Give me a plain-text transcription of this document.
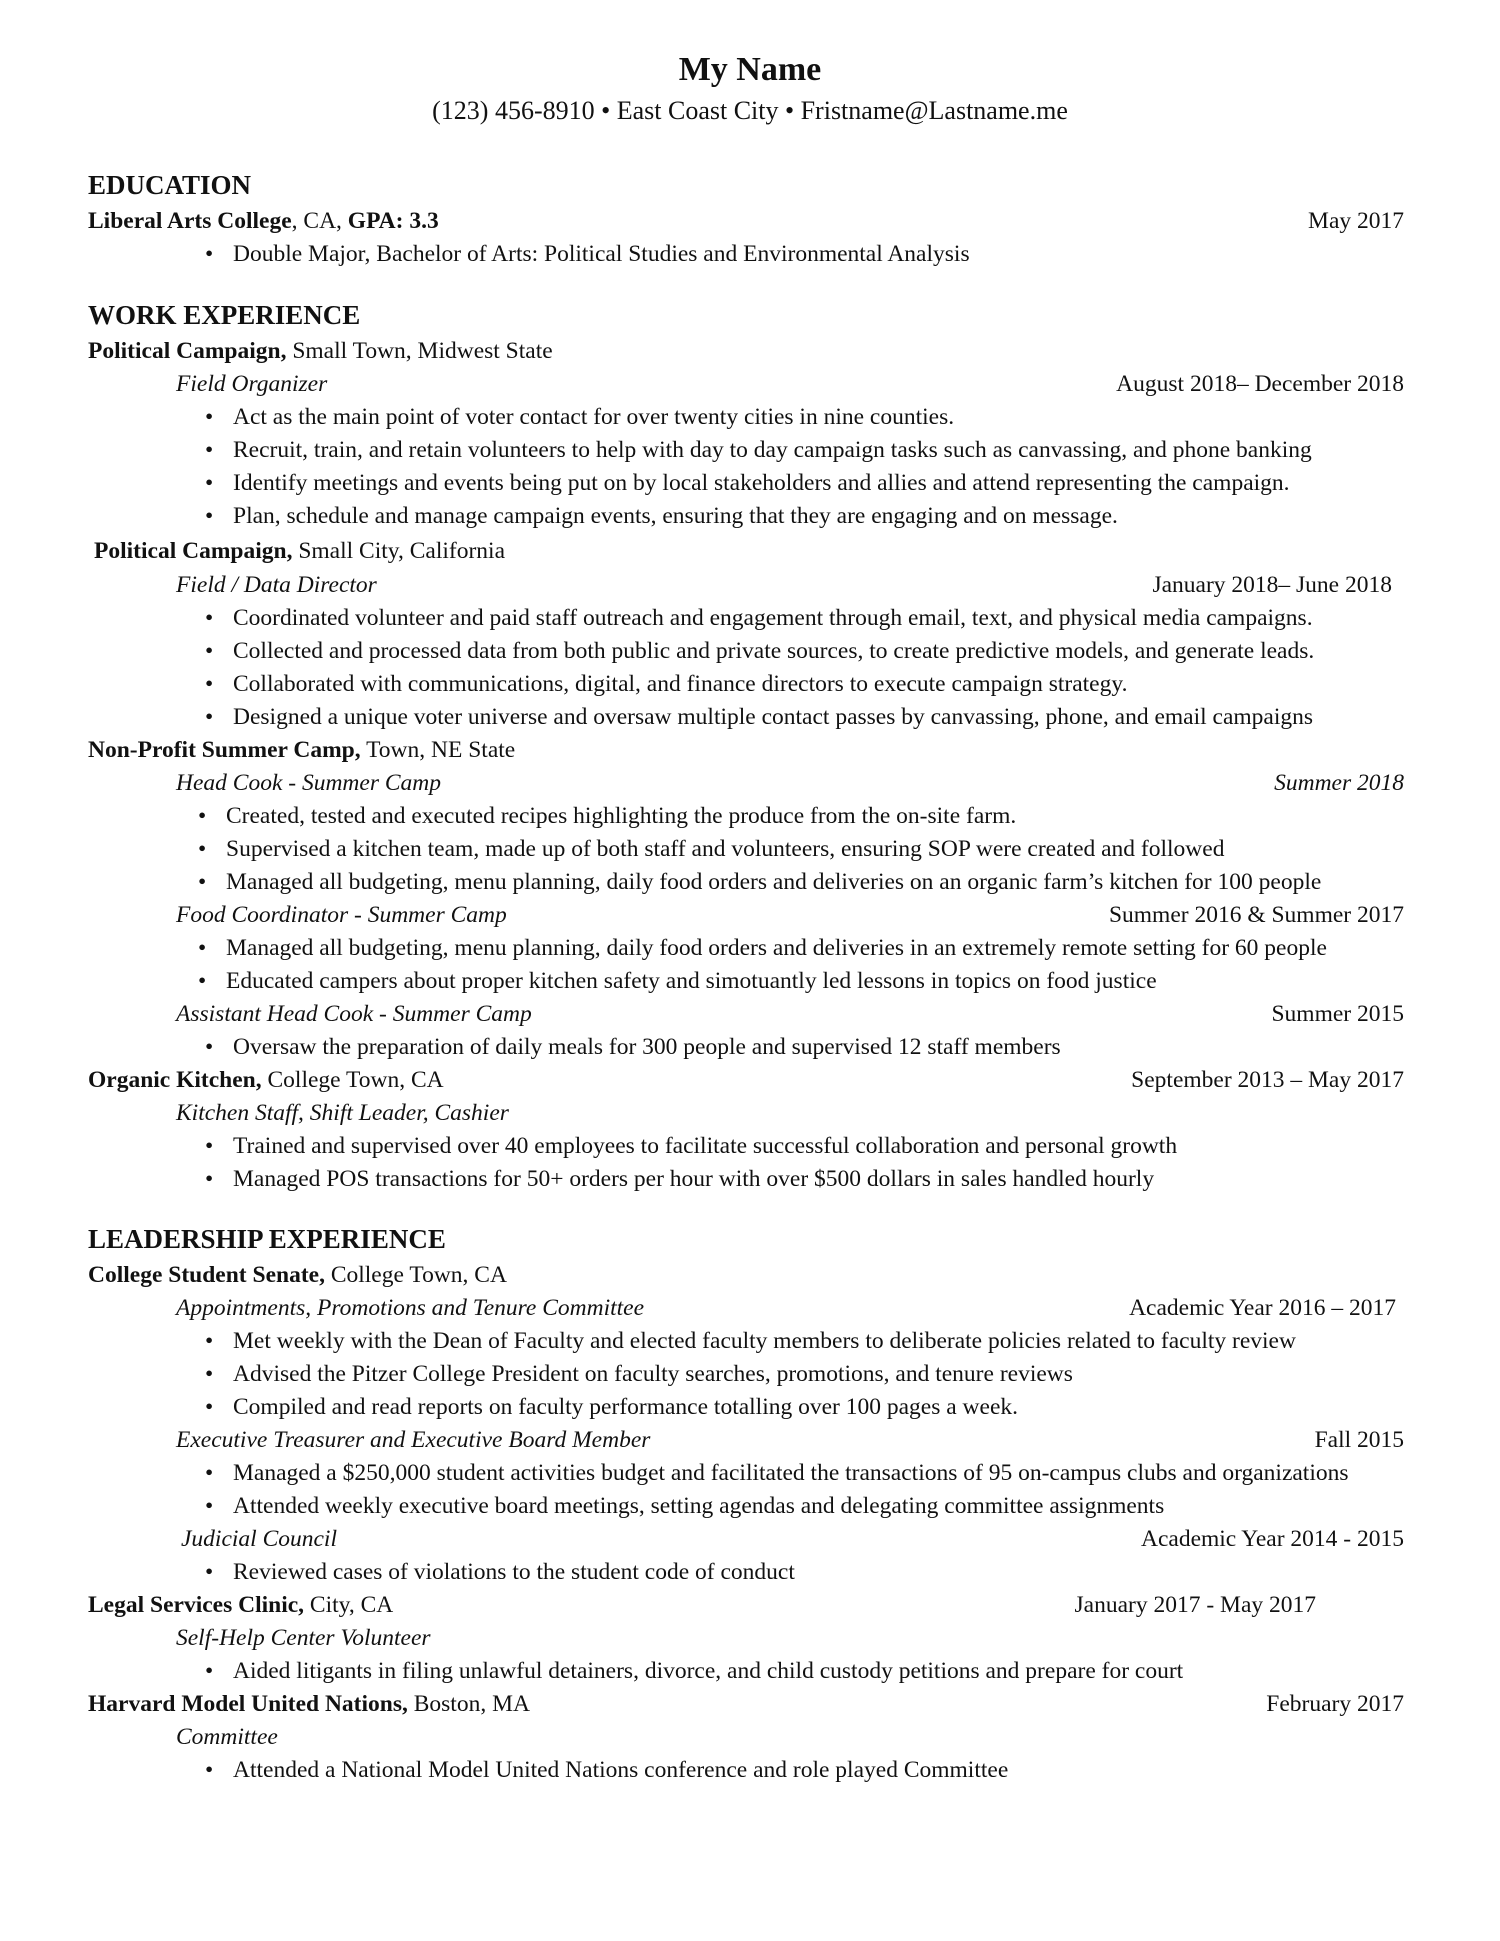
My Name
(123) 456-8910 • East Coast City • Fristname@Lastname.me
EDUCATION
Liberal Arts College, CA, GPA: 3.3	May 2017
• Double Major, Bachelor of Arts: Political Studies and Environmental Analysis
WORK EXPERIENCE
Political Campaign, Small Town, Midwest State
Field Organizer	August 2018– December 2018
• Act as the main point of voter contact for over twenty cities in nine counties.
• Recruit, train, and retain volunteers to help with day to day campaign tasks such as canvassing, and phone banking
• Identify meetings and events being put on by local stakeholders and allies and attend representing the campaign.
• Plan, schedule and manage campaign events, ensuring that they are engaging and on message.
Political Campaign, Small City, California
Field / Data Director	January 2018– June 2018
• Coordinated volunteer and paid staff outreach and engagement through email, text, and physical media campaigns.
• Collected and processed data from both public and private sources, to create predictive models, and generate leads.
• Collaborated with communications, digital, and finance directors to execute campaign strategy.
• Designed a unique voter universe and oversaw multiple contact passes by canvassing, phone, and email campaigns
Non-Profit Summer Camp, Town, NE State
Head Cook - Summer Camp	Summer 2018
• Created, tested and executed recipes highlighting the produce from the on-site farm.
• Supervised a kitchen team, made up of both staff and volunteers, ensuring SOP were created and followed
• Managed all budgeting, menu planning, daily food orders and deliveries on an organic farm’s kitchen for 100 people
Food Coordinator - Summer Camp	Summer 2016 & Summer 2017
• Managed all budgeting, menu planning, daily food orders and deliveries in an extremely remote setting for 60 people
• Educated campers about proper kitchen safety and simotuantly led lessons in topics on food justice
Assistant Head Cook - Summer Camp	Summer 2015
• Oversaw the preparation of daily meals for 300 people and supervised 12 staff members
Organic Kitchen, College Town, CA	September 2013 – May 2017
Kitchen Staff, Shift Leader, Cashier
• Trained and supervised over 40 employees to facilitate successful collaboration and personal growth
• Managed POS transactions for 50+ orders per hour with over $500 dollars in sales handled hourly
LEADERSHIP EXPERIENCE
College Student Senate, College Town, CA
Appointments, Promotions and Tenure Committee	Academic Year 2016 – 2017
• Met weekly with the Dean of Faculty and elected faculty members to deliberate policies related to faculty review
• Advised the Pitzer College President on faculty searches, promotions, and tenure reviews
• Compiled and read reports on faculty performance totalling over 100 pages a week.
Executive Treasurer and Executive Board Member	Fall 2015
• Managed a $250,000 student activities budget and facilitated the transactions of 95 on-campus clubs and organizations
• Attended weekly executive board meetings, setting agendas and delegating committee assignments
Judicial Council	Academic Year 2014 - 2015
• Reviewed cases of violations to the student code of conduct
Legal Services Clinic, City, CA	January 2017 - May 2017
Self-Help Center Volunteer
• Aided litigants in filing unlawful detainers, divorce, and child custody petitions and prepare for court
Harvard Model United Nations, Boston, MA	February 2017
Committee
• Attended a National Model United Nations conference and role played Committee
